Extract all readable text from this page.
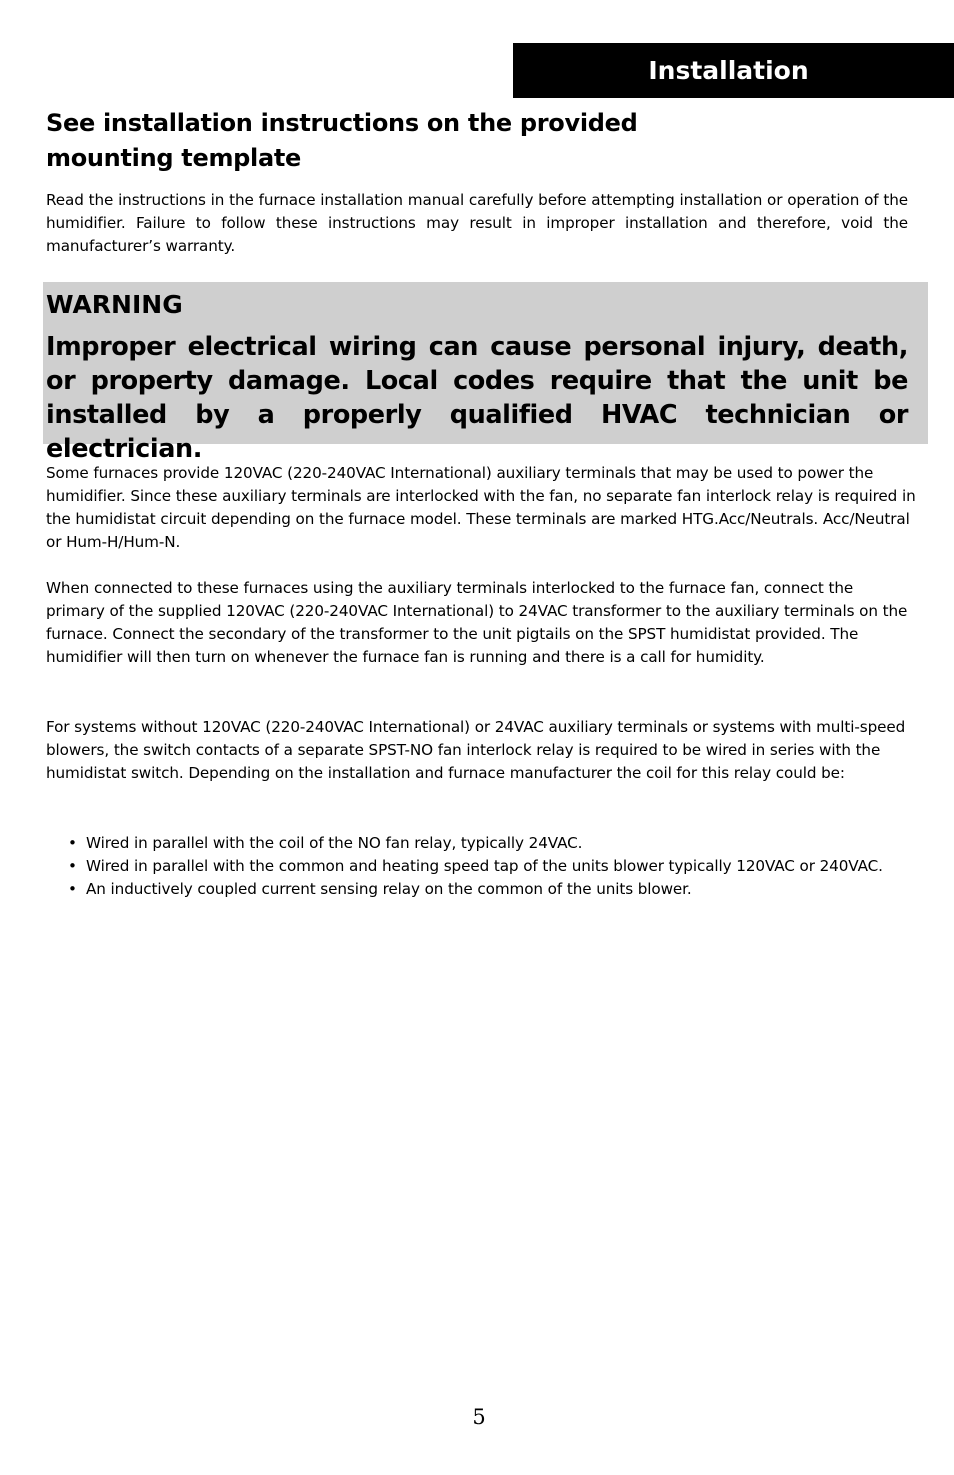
Installation
See installation instructions on the provided mounting template

Read the instructions in the furnace installation manual carefully before attempting installation or operation of the humidifier. Failure to follow these instructions may result in improper installation and therefore, void the manufacturer’s warranty.

WARNING

Improper electrical wiring can cause personal injury, death, or property damage. Local codes require that the unit be installed by a properly qualified HVAC technician or electrician.

Some furnaces provide 120VAC (220-240VAC International) auxiliary terminals that may be used to power the humidifier. Since these auxiliary terminals are interlocked with the fan, no separate fan interlock relay is required in the humidistat circuit depending on the furnace model. These terminals are marked HTG.Acc/Neutrals. Acc/Neutral or Hum-H/Hum-N.

When connected to these furnaces using the auxiliary terminals interlocked to the furnace fan, connect the primary of the supplied 120VAC (220-240VAC International) to 24VAC transformer to the auxiliary terminals on the furnace. Connect the secondary of the transformer to the unit pigtails on the SPST humidistat provided. The humidifier will then turn on whenever the furnace fan is running and there is a call for humidity.

For systems without 120VAC (220-240VAC International) or 24VAC auxiliary terminals or systems with multi-speed blowers, the switch contacts of a separate SPST-NO fan interlock relay is required to be wired in series with the humidistat switch. Depending on the installation and furnace manufacturer the coil for this relay could be:

• Wired in parallel with the coil of the NO fan relay, typically 24VAC.
• Wired in parallel with the common and heating speed tap of the units blower typically 120VAC or 240VAC.
• An inductively coupled current sensing relay on the common of the units blower.
5
